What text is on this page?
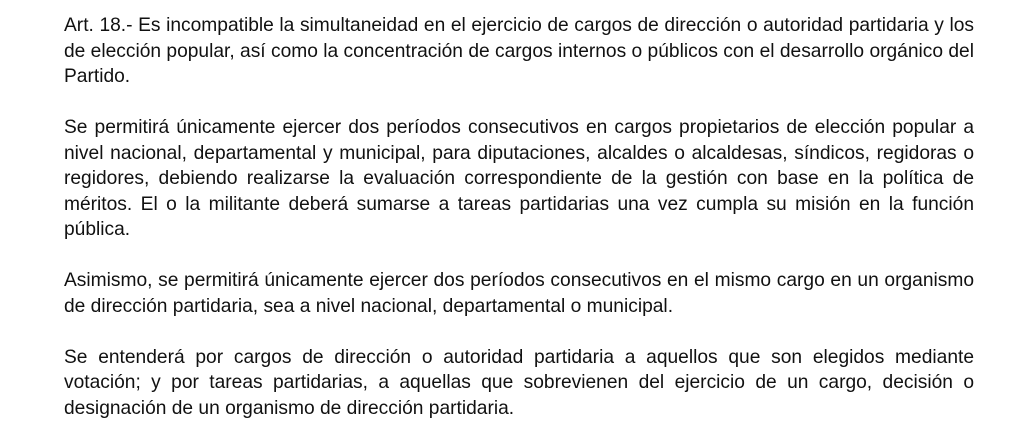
Art. 18.- Es incompatible la simultaneidad en el ejercicio de cargos de dirección o autoridad partidaria y los de elección popular, así como la concentración de cargos internos o públicos con el desarrollo orgánico del Partido.

Se permitirá únicamente ejercer dos períodos consecutivos en cargos propietarios de elección popular a nivel nacional, departamental y municipal, para diputaciones, alcaldes o alcaldesas, síndicos, regidoras o regidores, debiendo realizarse la evaluación correspondiente de la gestión con base en la política de méritos. El o la militante deberá sumarse a tareas partidarias una vez cumpla su misión en la función pública.

Asimismo, se permitirá únicamente ejercer dos períodos consecutivos en el mismo cargo en un organismo de dirección partidaria, sea a nivel nacional, departamental o municipal.

Se entenderá por cargos de dirección o autoridad partidaria a aquellos que son elegidos mediante votación; y por tareas partidarias, a aquellas que sobrevienen del ejercicio de un cargo, decisión o designación de un organismo de dirección partidaria.
